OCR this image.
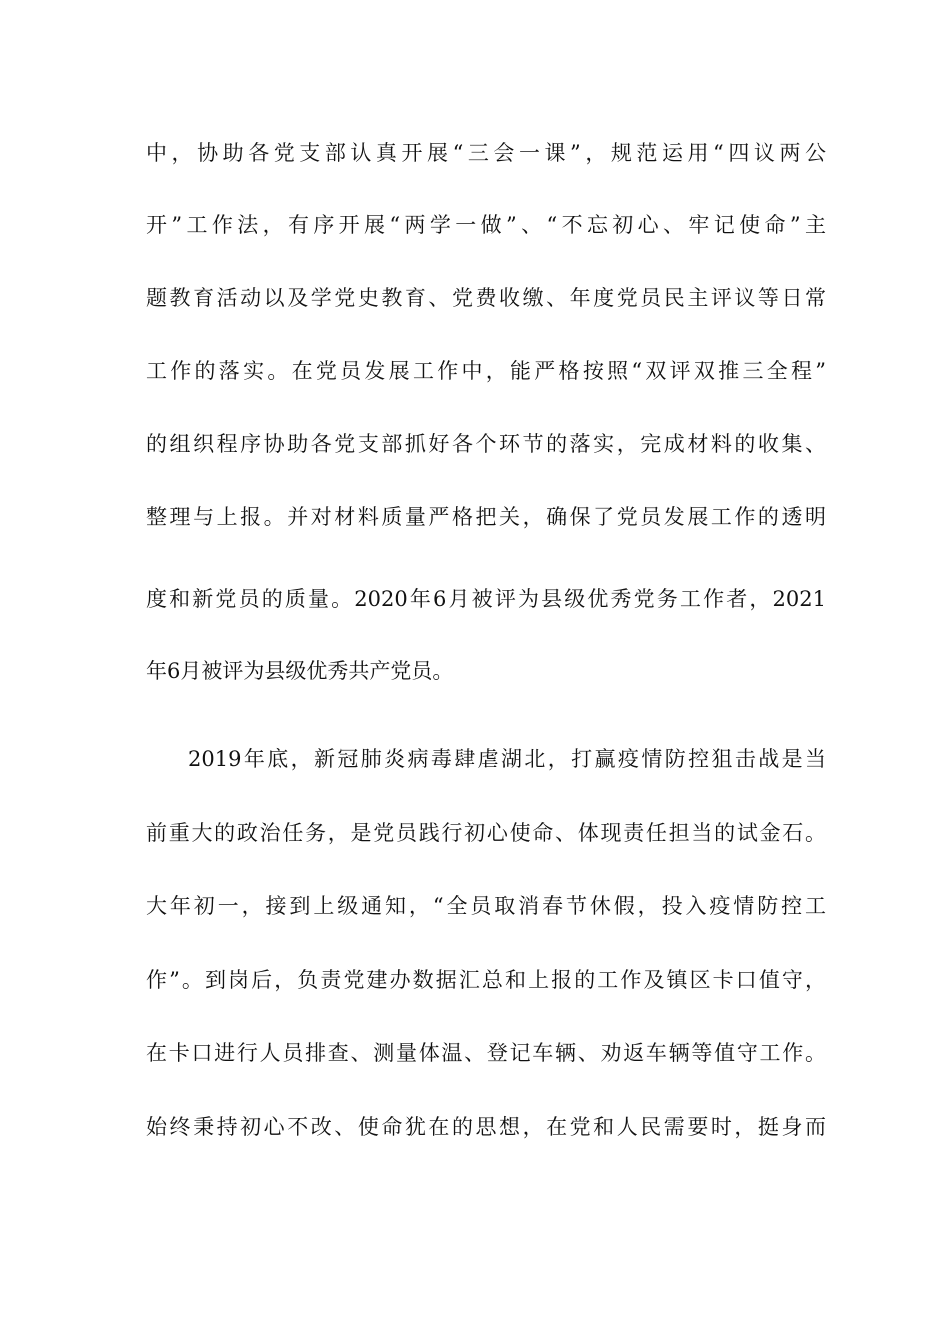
中，协助各党支部认真开展“三会一课”，规范运用“四议两公
开”工作法，有序开展“两学一做”、“不忘初心、牢记使命”主
题教育活动以及学党史教育、党费收缴、年度党员民主评议等日常
工作的落实。在党员发展工作中，能严格按照“双评双推三全程”
的组织程序协助各党支部抓好各个环节的落实，完成材料的收集、
整理与上报。并对材料质量严格把关，确保了党员发展工作的透明
度和新党员的质量。2020年6月被评为县级优秀党务工作者，2021
年6月被评为县级优秀共产党员。
2019年底，新冠肺炎病毒肆虐湖北，打赢疫情防控狙击战是当
前重大的政治任务，是党员践行初心使命、体现责任担当的试金石。
大年初一，接到上级通知，“全员取消春节休假，投入疫情防控工
作”。到岗后，负责党建办数据汇总和上报的工作及镇区卡口值守，
在卡口进行人员排查、测量体温、登记车辆、劝返车辆等值守工作。
始终秉持初心不改、使命犹在的思想，在党和人民需要时，挺身而
